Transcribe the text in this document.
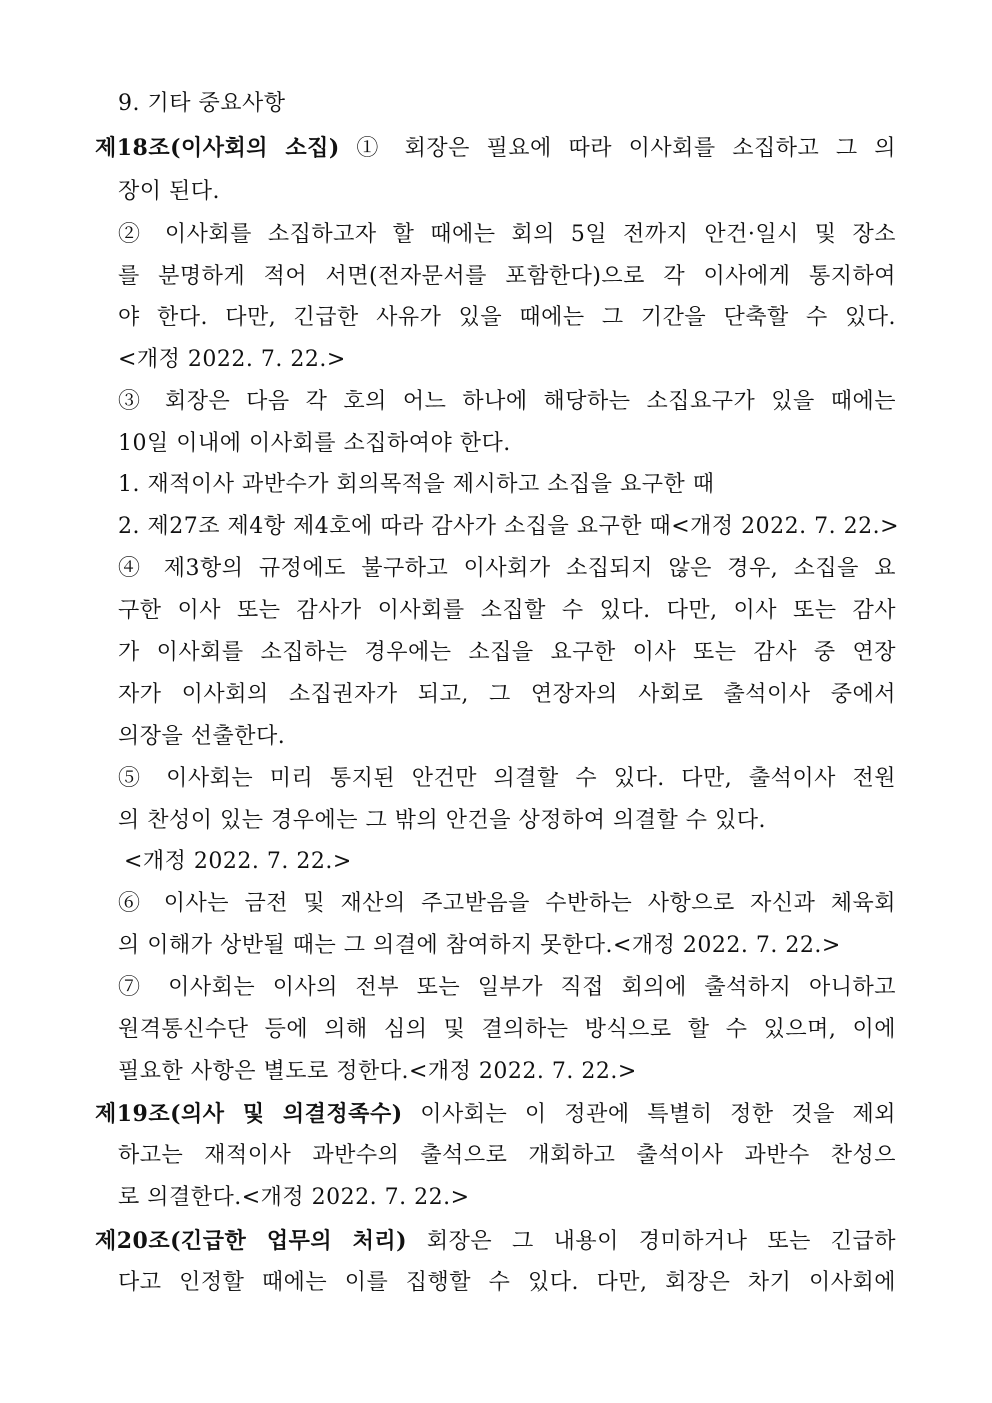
9. 기타 중요사항
제18조(이사회의 소집) ① 회장은 필요에 따라 이사회를 소집하고 그 의
장이 된다.
② 이사회를 소집하고자 할 때에는 회의 5일 전까지 안건·일시 및 장소
를 분명하게 적어 서면(전자문서를 포함한다)으로 각 이사에게 통지하여
야 한다. 다만, 긴급한 사유가 있을 때에는 그 기간을 단축할 수 있다.
<개정 2022. 7. 22.>
③ 회장은 다음 각 호의 어느 하나에 해당하는 소집요구가 있을 때에는
10일 이내에 이사회를 소집하여야 한다.
1. 재적이사 과반수가 회의목적을 제시하고 소집을 요구한 때
2. 제27조 제4항 제4호에 따라 감사가 소집을 요구한 때<개정 2022. 7. 22.>
④ 제3항의 규정에도 불구하고 이사회가 소집되지 않은 경우, 소집을 요
구한 이사 또는 감사가 이사회를 소집할 수 있다. 다만, 이사 또는 감사
가 이사회를 소집하는 경우에는 소집을 요구한 이사 또는 감사 중 연장
자가 이사회의 소집권자가 되고, 그 연장자의 사회로 출석이사 중에서
의장을 선출한다.
⑤ 이사회는 미리 통지된 안건만 의결할 수 있다. 다만, 출석이사 전원
의 찬성이 있는 경우에는 그 밖의 안건을 상정하여 의결할 수 있다.
<개정 2022. 7. 22.>
⑥ 이사는 금전 및 재산의 주고받음을 수반하는 사항으로 자신과 체육회
의 이해가 상반될 때는 그 의결에 참여하지 못한다.<개정 2022. 7. 22.>
⑦ 이사회는 이사의 전부 또는 일부가 직접 회의에 출석하지 아니하고
원격통신수단 등에 의해 심의 및 결의하는 방식으로 할 수 있으며, 이에
필요한 사항은 별도로 정한다.<개정 2022. 7. 22.>
제19조(의사 및 의결정족수) 이사회는 이 정관에 특별히 정한 것을 제외
하고는 재적이사 과반수의 출석으로 개회하고 출석이사 과반수 찬성으
로 의결한다.<개정 2022. 7. 22.>
제20조(긴급한 업무의 처리) 회장은 그 내용이 경미하거나 또는 긴급하
다고 인정할 때에는 이를 집행할 수 있다. 다만, 회장은 차기 이사회에
